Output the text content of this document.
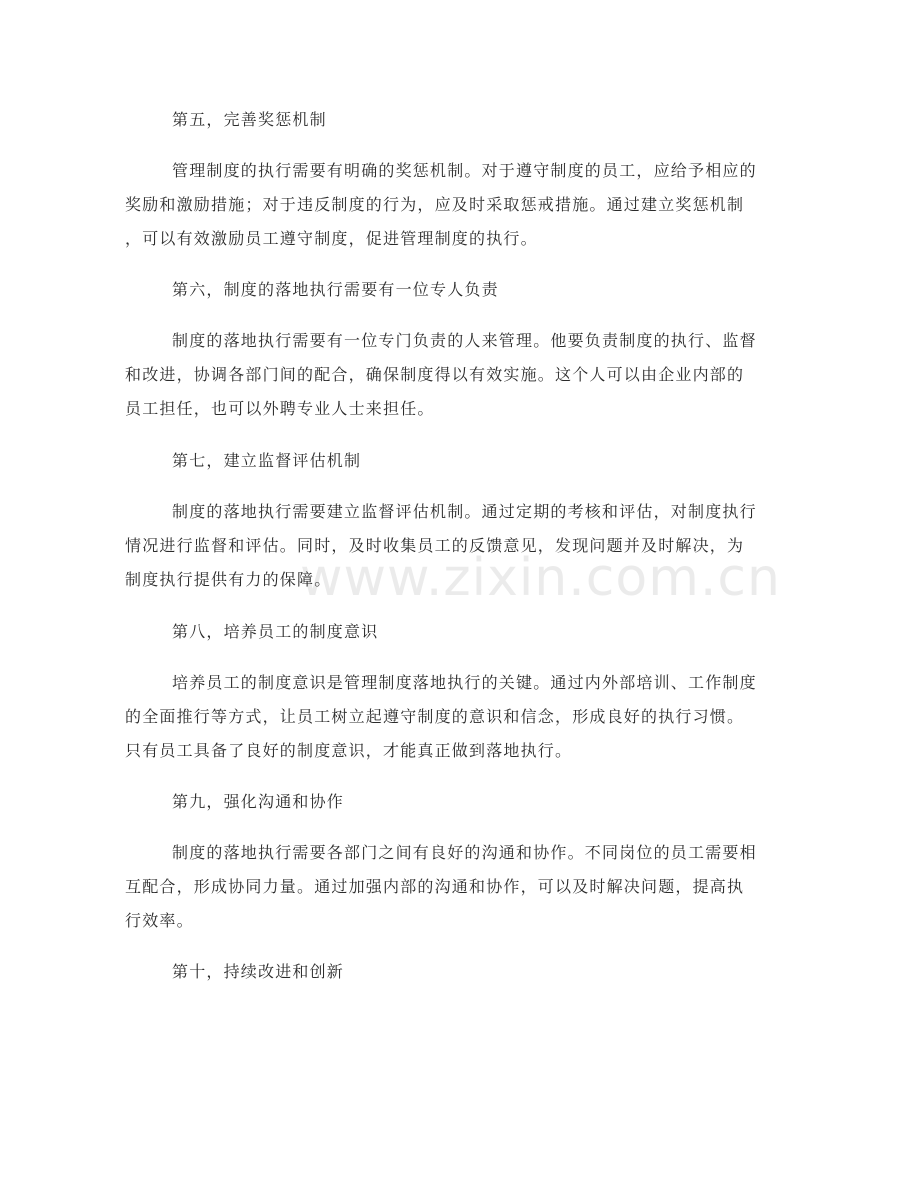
www.zixin.com.cn
第五，完善奖惩机制
管理制度的执行需要有明确的奖惩机制。对于遵守制度的员工，应给予相应的
奖励和激励措施；对于违反制度的行为，应及时采取惩戒措施。通过建立奖惩机制
，可以有效激励员工遵守制度，促进管理制度的执行。
第六，制度的落地执行需要有一位专人负责
制度的落地执行需要有一位专门负责的人来管理。他要负责制度的执行、监督
和改进，协调各部门间的配合，确保制度得以有效实施。这个人可以由企业内部的
员工担任，也可以外聘专业人士来担任。
第七，建立监督评估机制
制度的落地执行需要建立监督评估机制。通过定期的考核和评估，对制度执行
情况进行监督和评估。同时，及时收集员工的反馈意见，发现问题并及时解决，为
制度执行提供有力的保障。
第八，培养员工的制度意识
培养员工的制度意识是管理制度落地执行的关键。通过内外部培训、工作制度
的全面推行等方式，让员工树立起遵守制度的意识和信念，形成良好的执行习惯。
只有员工具备了良好的制度意识，才能真正做到落地执行。
第九，强化沟通和协作
制度的落地执行需要各部门之间有良好的沟通和协作。不同岗位的员工需要相
互配合，形成协同力量。通过加强内部的沟通和协作，可以及时解决问题，提高执
行效率。
第十，持续改进和创新
